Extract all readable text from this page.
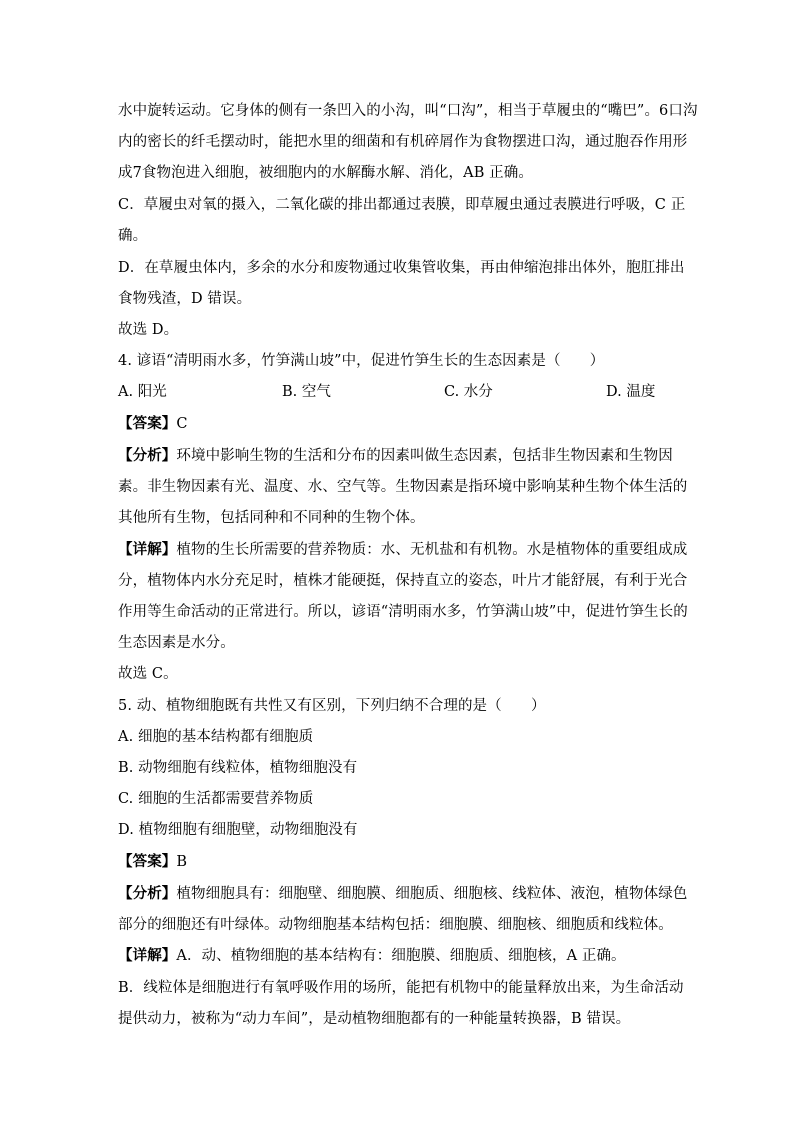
水中旋转运动。它身体的侧有一条凹入的小沟，叫“口沟”，相当于草履虫的“嘴巴”。6口沟
内的密长的纤毛摆动时，能把水里的细菌和有机碎屑作为食物摆进口沟，通过胞吞作用形
成7食物泡进入细胞，被细胞内的水解酶水解、消化，AB 正确。
C．草履虫对氧的摄入，二氧化碳的排出都通过表膜，即草履虫通过表膜进行呼吸，C 正
确。
D．在草履虫体内，多余的水分和废物通过收集管收集，再由伸缩泡排出体外，胞肛排出
食物残渣，D 错误。
故选 D。
4. 谚语“清明雨水多，竹笋满山坡”中，促进竹笋生长的生态因素是（　　）
A. 阳光	B. 空气	C. 水分	D. 温度
【答案】C
【分析】环境中影响生物的生活和分布的因素叫做生态因素，包括非生物因素和生物因
素。非生物因素有光、温度、水、空气等。生物因素是指环境中影响某种生物个体生活的
其他所有生物，包括同种和不同种的生物个体。
【详解】植物的生长所需要的营养物质：水、无机盐和有机物。水是植物体的重要组成成
分，植物体内水分充足时，植株才能硬挺，保持直立的姿态，叶片才能舒展，有利于光合
作用等生命活动的正常进行。所以，谚语“清明雨水多，竹笋满山坡”中，促进竹笋生长的
生态因素是水分。
故选 C。
5. 动、植物细胞既有共性又有区别，下列归纳不合理的是（　　）
A. 细胞的基本结构都有细胞质
B. 动物细胞有线粒体，植物细胞没有
C. 细胞的生活都需要营养物质
D. 植物细胞有细胞壁，动物细胞没有
【答案】B
【分析】植物细胞具有：细胞壁、细胞膜、细胞质、细胞核、线粒体、液泡，植物体绿色
部分的细胞还有叶绿体。动物细胞基本结构包括：细胞膜、细胞核、细胞质和线粒体。
【详解】A．动、植物细胞的基本结构有：细胞膜、细胞质、细胞核，A 正确。
B．线粒体是细胞进行有氧呼吸作用的场所，能把有机物中的能量释放出来，为生命活动
提供动力，被称为“动力车间”，是动植物细胞都有的一种能量转换器，B 错误。
